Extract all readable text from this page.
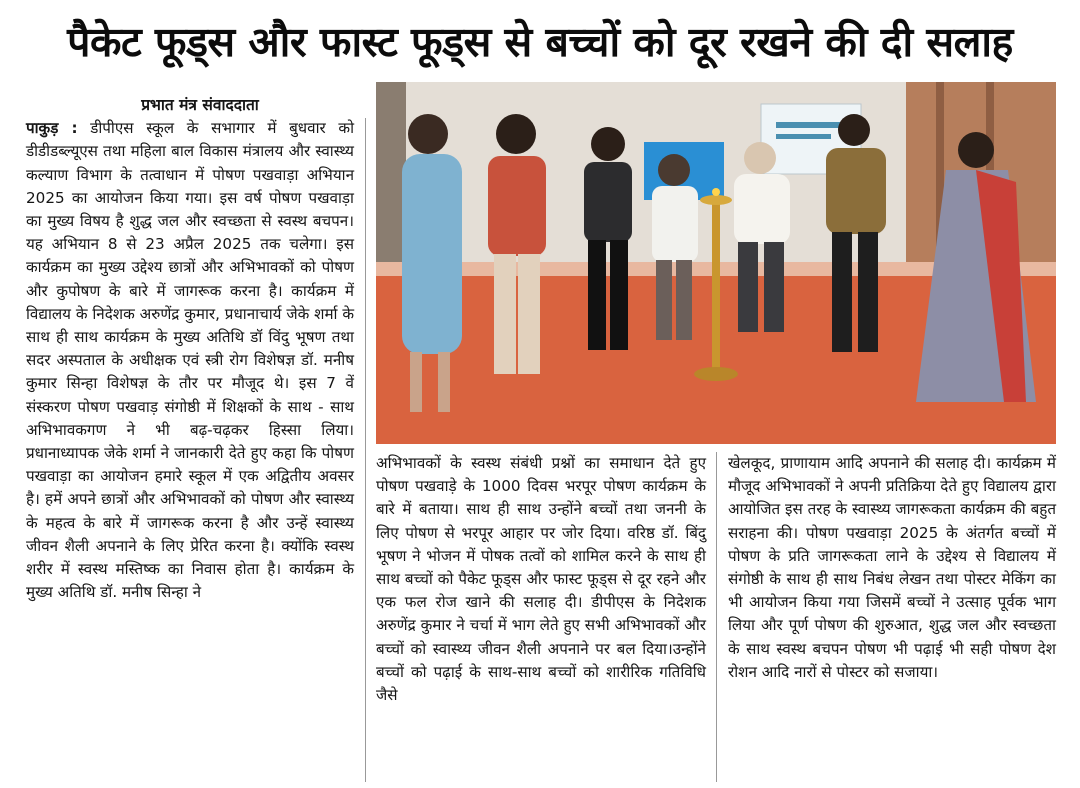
पैकेट फूड्स और फास्ट फूड्स से बच्चों को दूर रखने की दी सलाह
प्रभात मंत्र संवाददाता
पाकुड़ : डीपीएस स्कूल के सभागार में बुधवार को डीडीडब्ल्यूएस तथा महिला बाल विकास मंत्रालय और स्वास्थ्य कल्याण विभाग के तत्वाधान में पोषण पखवाड़ा अभियान 2025 का आयोजन किया गया। इस वर्ष पोषण पखवाड़ा का मुख्य विषय है शुद्ध जल और स्वच्छता से स्वस्थ बचपन। यह अभियान 8 से 23 अप्रैल 2025 तक चलेगा। इस कार्यक्रम का मुख्य उद्देश्य छात्रों और अभिभावकों को पोषण और कुपोषण के बारे में जागरूक करना है। कार्यक्रम में विद्यालय के निदेशक अरुणेंद्र कुमार, प्रधानाचार्य जेके शर्मा के साथ ही साथ कार्यक्रम के मुख्य अतिथि डॉ विंदु भूषण तथा सदर अस्पताल के अधीक्षक एवं स्त्री रोग विशेषज्ञ डॉ. मनीष कुमार सिन्हा विशेषज्ञ के तौर पर मौजूद थे। इस 7 वें संस्करण पोषण पखवाड़ संगोष्ठी में शिक्षकों के साथ - साथ अभिभावकगण ने भी बढ़-चढ़कर हिस्सा लिया। प्रधानाध्यापक जेके शर्मा ने जानकारी देते हुए कहा कि पोषण पखवाड़ा का आयोजन हमारे स्कूल में एक अद्वितीय अवसर है। हमें अपने छात्रों और अभिभावकों को पोषण और स्वास्थ्य के महत्व के बारे में जागरूक करना है और उन्हें स्वास्थ्य जीवन शैली अपनाने के लिए प्रेरित करना है। क्योंकि स्वस्थ शरीर में स्वस्थ मस्तिष्क का निवास होता है। कार्यक्रम के मुख्य अतिथि डॉ. मनीष सिन्हा ने
अभिभावकों के स्वस्थ संबंधी प्रश्नों का समाधान देते हुए पोषण पखवाड़े के 1000 दिवस भरपूर पोषण कार्यक्रम के बारे में बताया। साथ ही साथ उन्होंने बच्चों तथा जननी के लिए पोषण से भरपूर आहार पर जोर दिया। वरिष्ठ डॉ. बिंदु भूषण ने भोजन में पोषक तत्वों को शामिल करने के साथ ही साथ बच्चों को पैकेट फूड्स और फास्ट फूड्स से दूर रहने और एक फल रोज खाने की सलाह दी। डीपीएस के निदेशक अरुणेंद्र कुमार ने चर्चा में भाग लेते हुए सभी अभिभावकों और बच्चों को स्वास्थ्य जीवन शैली अपनाने पर बल दिया।उन्होंने बच्चों को पढ़ाई के साथ-साथ बच्चों को शारीरिक गतिविधि जैसे
खेलकूद, प्राणायाम आदि अपनाने की सलाह दी। कार्यक्रम में मौजूद अभिभावकों ने अपनी प्रतिक्रिया देते हुए विद्यालय द्वारा आयोजित इस तरह के स्वास्थ्य जागरूकता कार्यक्रम की बहुत सराहना की। पोषण पखवाड़ा 2025 के अंतर्गत बच्चों में पोषण के प्रति जागरूकता लाने के उद्देश्य से विद्यालय में संगोष्ठी के साथ ही साथ निबंध लेखन तथा पोस्टर मेकिंग का भी आयोजन किया गया जिसमें बच्चों ने उत्साह पूर्वक भाग लिया और पूर्ण पोषण की शुरुआत, शुद्ध जल और स्वच्छता के साथ स्वस्थ बचपन पोषण भी पढ़ाई भी सही पोषण देश रोशन आदि नारों से पोस्टर को सजाया।
